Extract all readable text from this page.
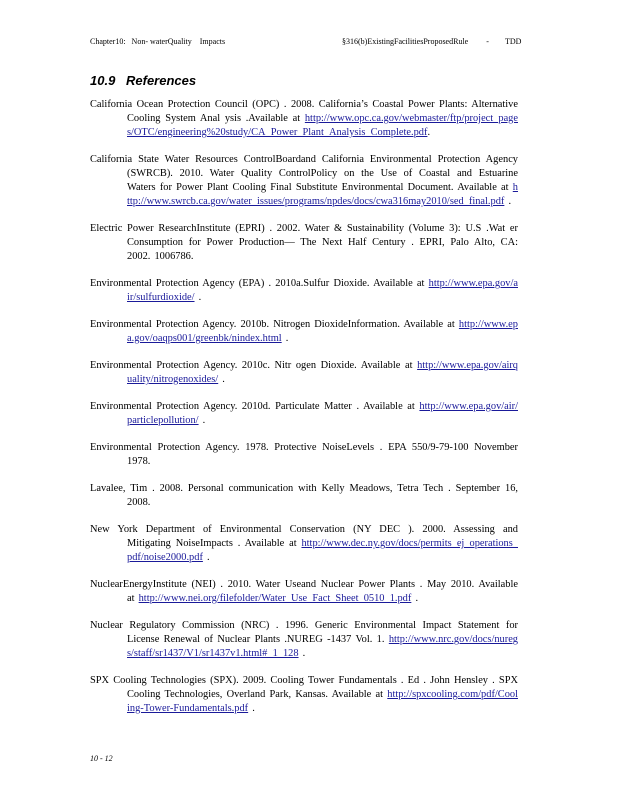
Chapter10:   Non- waterQuality    Impacts	§316(b)ExistingFacilitiesProposedRule         - TDD
10.9 References

California Ocean Protection Council (OPC) . 2008. California’s Coastal Power Plants: Alternative Cooling System Anal ysis .Available at http://www.opc.ca.gov/webmaster/ftp/project_pages/OTC/engineering%20study/CA_Power_Plant_Analysis_Complete.pdf.

California State Water Resources ControlBoardand California Environmental Protection Agency (SWRCB). 2010. Water Quality ControlPolicy on the Use of Coastal and Estuarine Waters for Power Plant Cooling Final Substitute Environmental Document. Available at http://www.swrcb.ca.gov/water_issues/programs/npdes/docs/cwa316may2010/sed_final.pdf .

Electric Power ResearchInstitute (EPRI) . 2002. Water & Sustainability (Volume 3): U.S .Wat er Consumption for Power Production— The Next Half Century . EPRI, Palo Alto, CA: 2002. 1006786.

Environmental Protection Agency (EPA) . 2010a.Sulfur Dioxide. Available at http://www.epa.gov/air/sulfurdioxide/ .

Environmental Protection Agency. 2010b. Nitrogen DioxideInformation. Available at http://www.epa.gov/oaqps001/greenbk/nindex.html .

Environmental Protection Agency. 2010c. Nitr ogen Dioxide. Available at http://www.epa.gov/airquality/nitrogenoxides/ .

Environmental Protection Agency. 2010d. Particulate Matter . Available at http://www.epa.gov/air/particlepollution/ .

Environmental Protection Agency. 1978. Protective NoiseLevels . EPA 550/9-79-100 November 1978.

Lavalee, Tim . 2008. Personal communication with Kelly Meadows, Tetra Tech . September 16, 2008.

New York Department of Environmental Conservation (NY DEC ). 2000. Assessing and Mitigating NoiseImpacts . Available at http://www.dec.ny.gov/docs/permits_ej_operations_pdf/noise2000.pdf .

NuclearEnergyInstitute (NEI) . 2010. Water Useand Nuclear Power Plants . May 2010. Available at http://www.nei.org/filefolder/Water_Use_Fact_Sheet_0510_1.pdf .

Nuclear Regulatory Commission (NRC) . 1996. Generic Environmental Impact Statement for License Renewal of Nuclear Plants .NUREG -1437 Vol. 1. http://www.nrc.gov/docs/nuregs/staff/sr1437/V1/sr1437v1.html#_1_128 .

SPX Cooling Technologies (SPX). 2009. Cooling Tower Fundamentals . Ed . John Hensley . SPX Cooling Technologies, Overland Park, Kansas. Available at http://spxcooling.com/pdf/Cooling-Tower-Fundamentals.pdf .

10 - 12
